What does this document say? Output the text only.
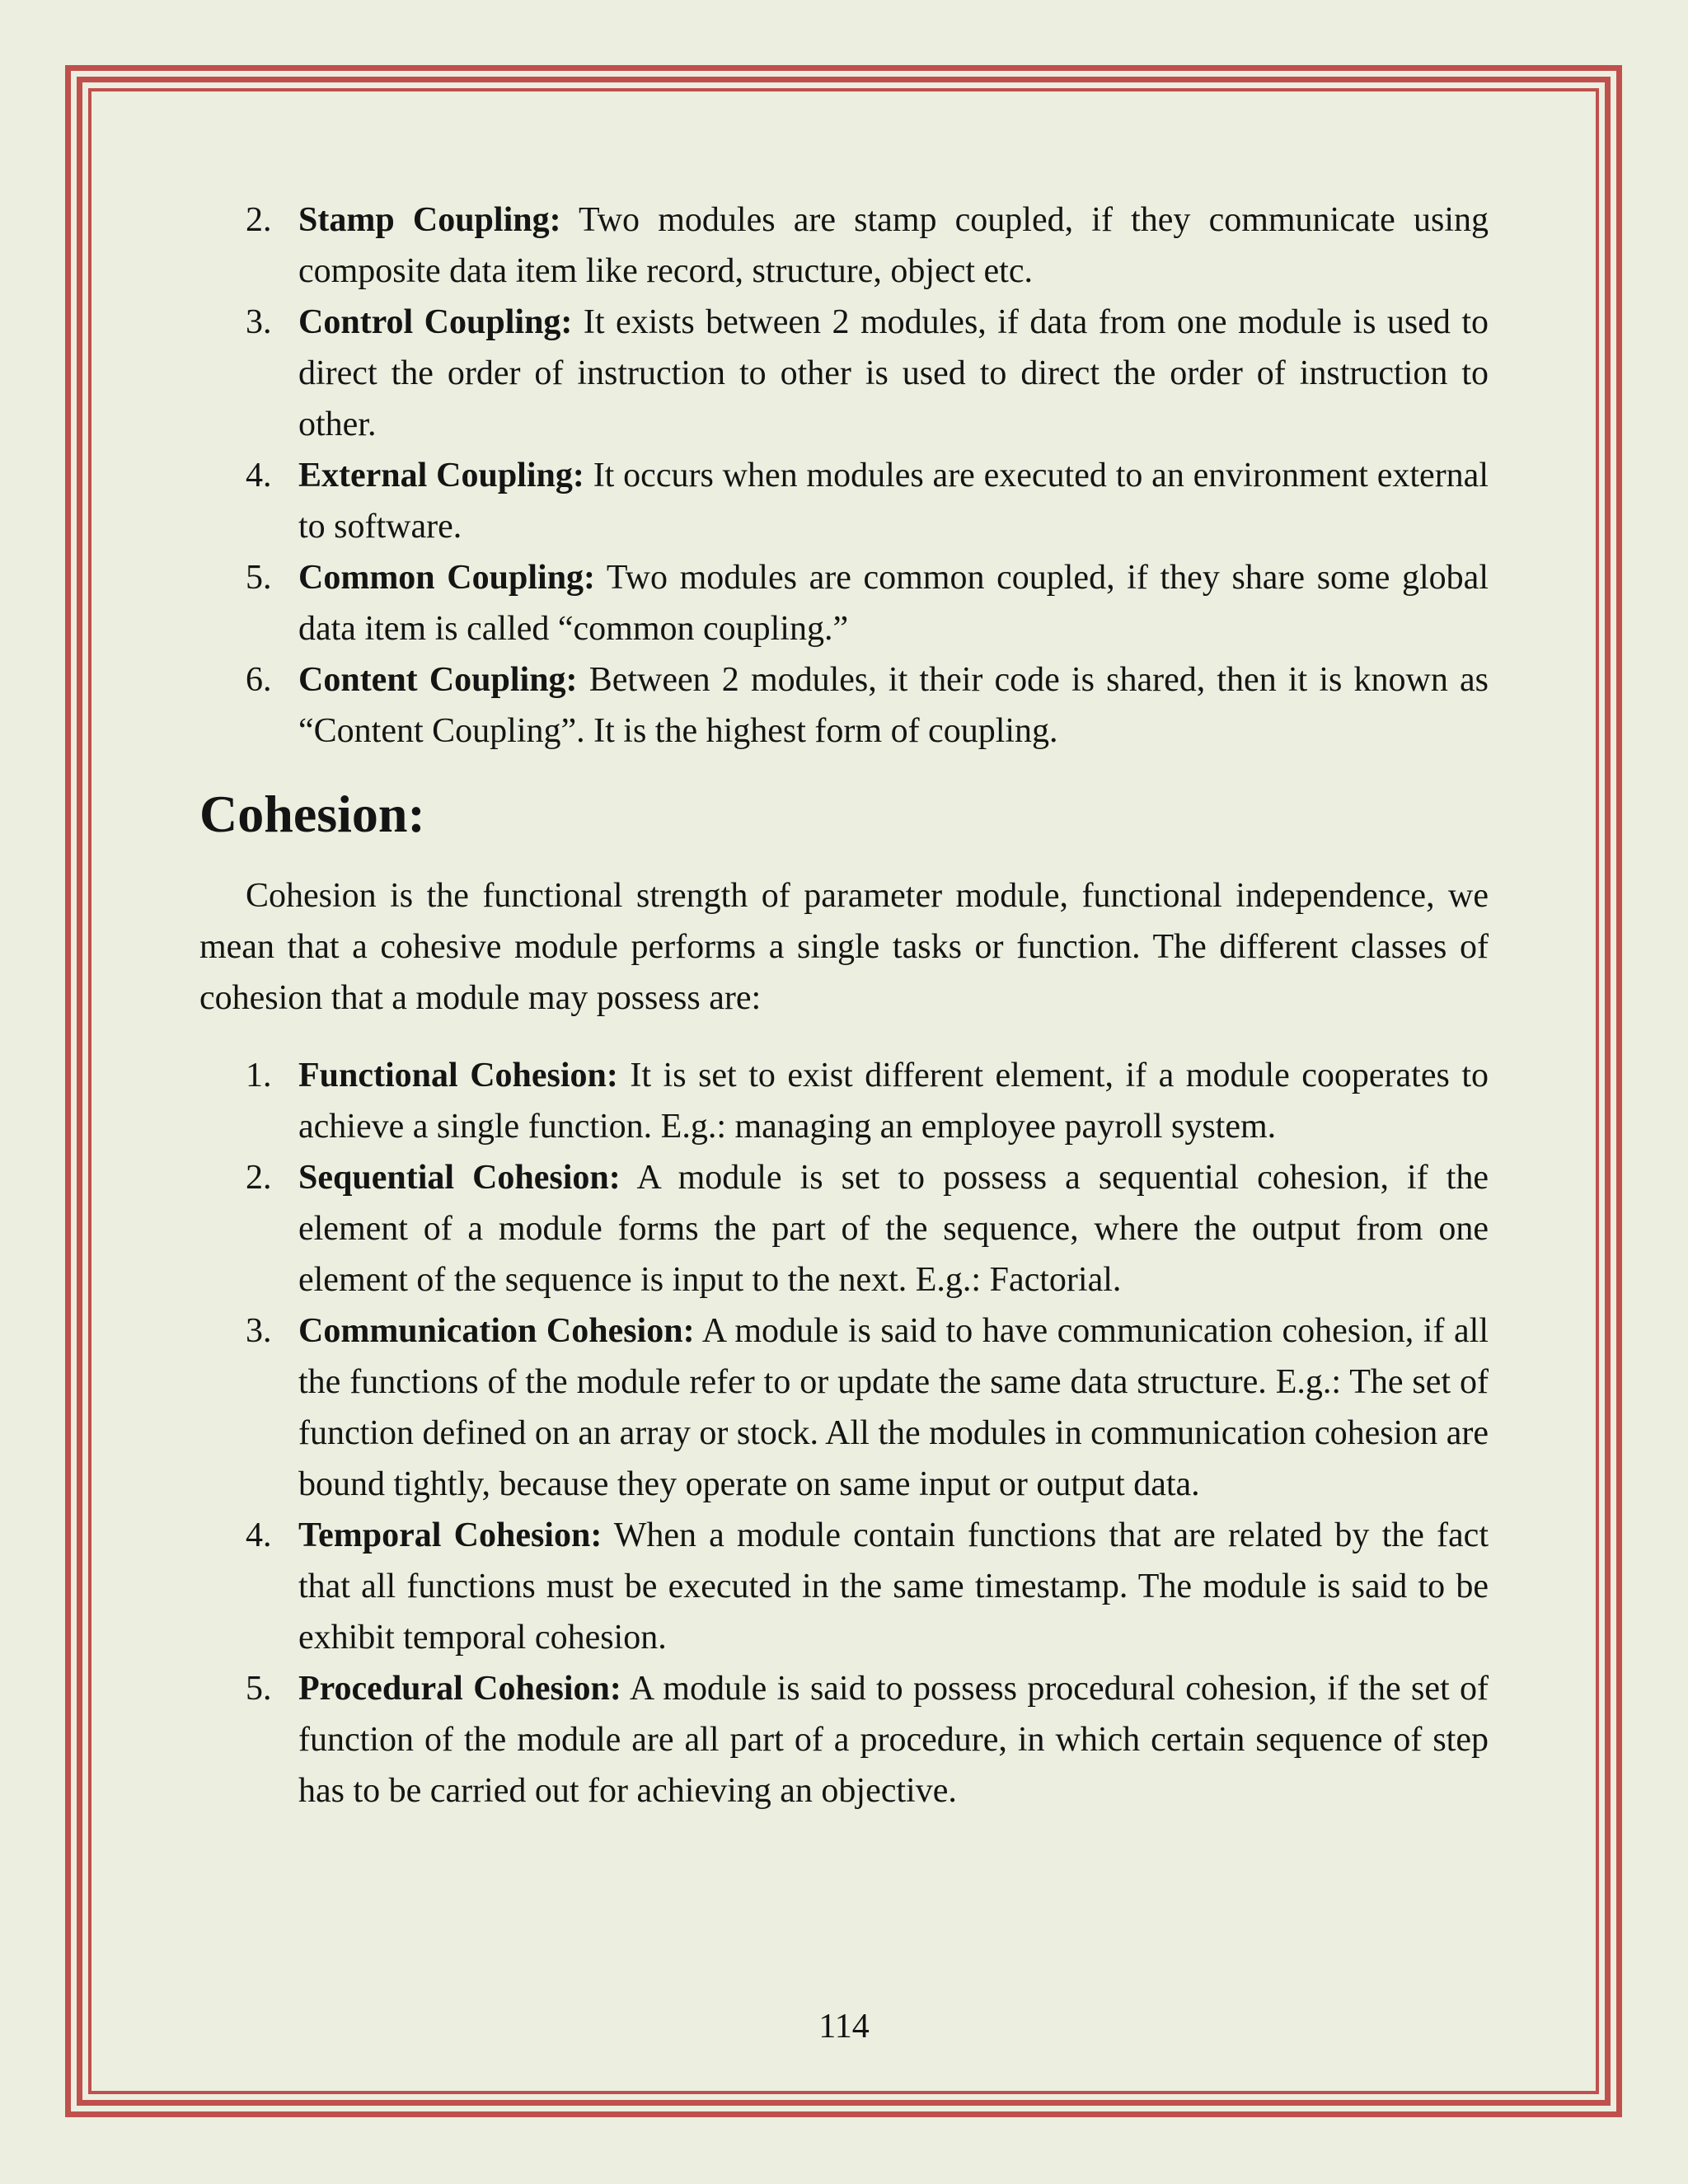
2. Stamp Coupling: Two modules are stamp coupled, if they communicate using composite data item like record, structure, object etc.
3. Control Coupling: It exists between 2 modules, if data from one module is used to direct the order of instruction to other is used to direct the order of instruction to other.
4. External Coupling: It occurs when modules are executed to an environment external to software.
5. Common Coupling: Two modules are common coupled, if they share some global data item is called “common coupling.”
6. Content Coupling: Between 2 modules, it their code is shared, then it is known as “Content Coupling”. It is the highest form of coupling.
Cohesion:

Cohesion is the functional strength of parameter module, functional independence, we mean that a cohesive module performs a single tasks or function. The different classes of cohesion that a module may possess are:

1. Functional Cohesion: It is set to exist different element, if a module cooperates to achieve a single function. E.g.: managing an employee payroll system.
2. Sequential Cohesion: A module is set to possess a sequential cohesion, if the element of a module forms the part of the sequence, where the output from one element of the sequence is input to the next. E.g.: Factorial.
3. Communication Cohesion: A module is said to have communication cohesion, if all the functions of the module refer to or update the same data structure. E.g.: The set of function defined on an array or stock. All the modules in communication cohesion are bound tightly, because they operate on same input or output data.
4. Temporal Cohesion: When a module contain functions that are related by the fact that all functions must be executed in the same timestamp. The module is said to be exhibit temporal cohesion.
5. Procedural Cohesion: A module is said to possess procedural cohesion, if the set of function of the module are all part of a procedure, in which certain sequence of step has to be carried out for achieving an objective.
114
